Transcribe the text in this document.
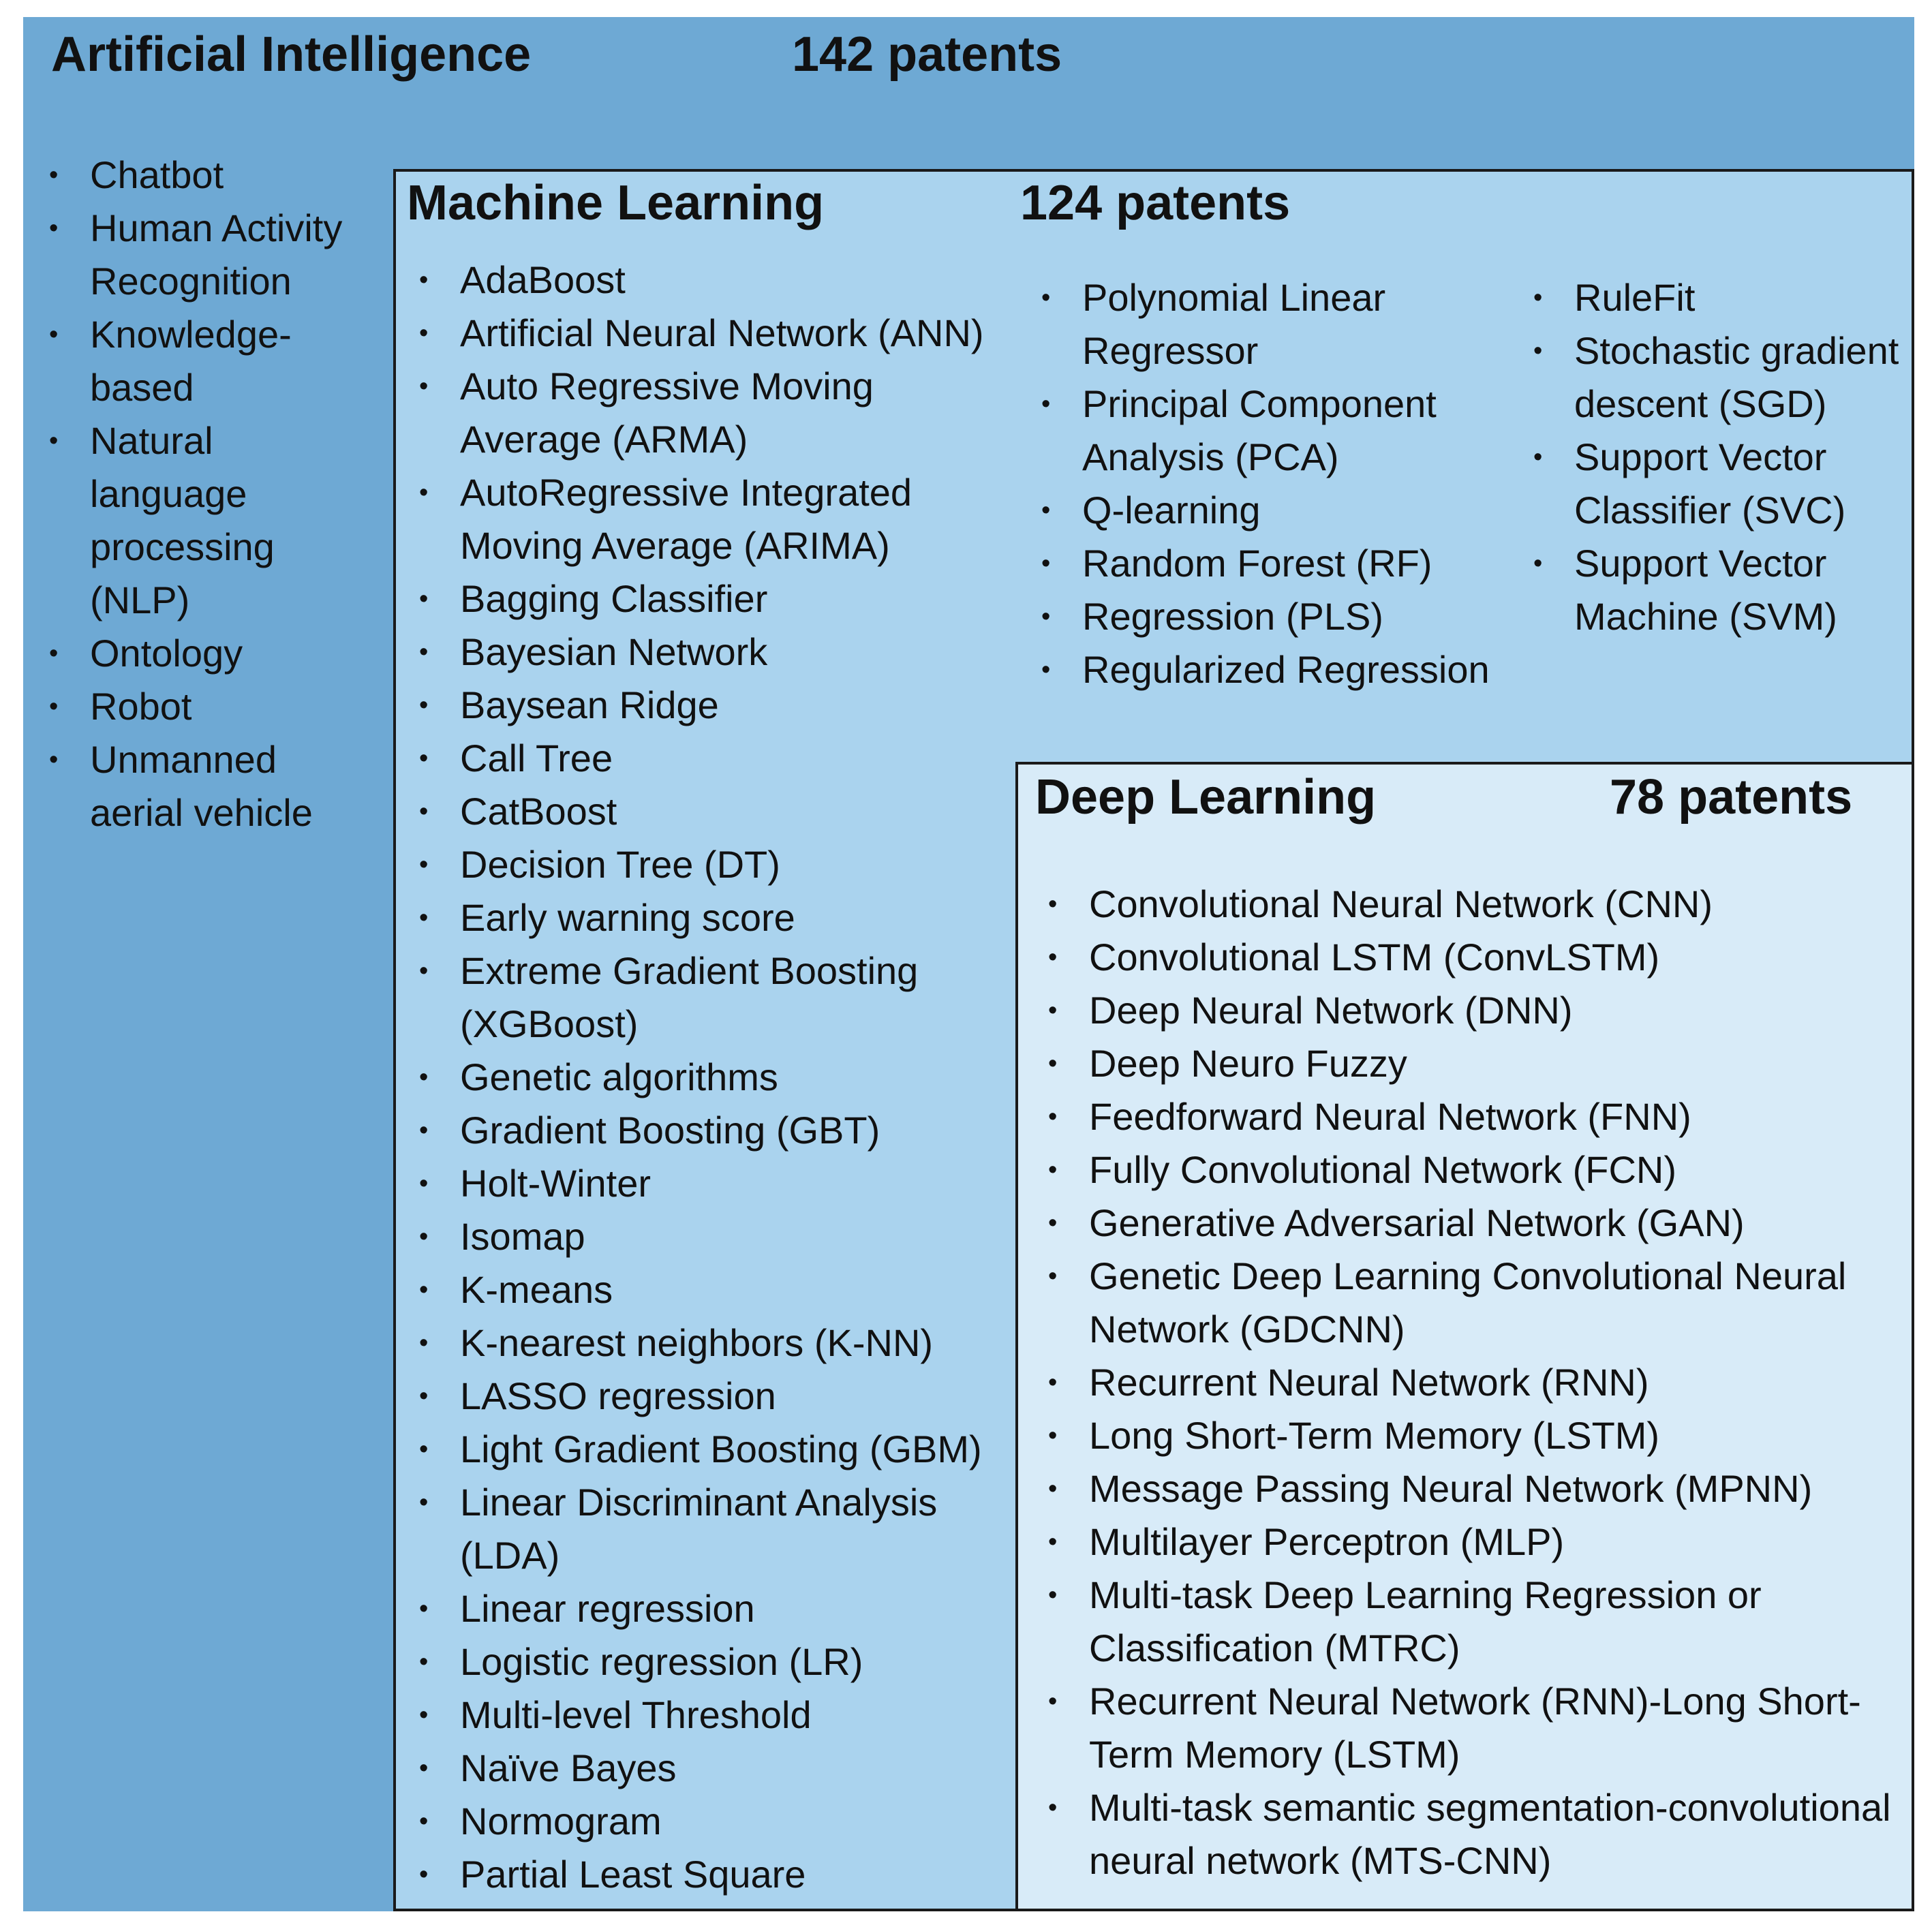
Artificial Intelligence	142 patents
• Chatbot
• Human Activity Recognition
• Knowledge-based
• Natural language processing (NLP)
• Ontology
• Robot
• Unmanned aerial vehicle
Machine Learning	124 patents
• AdaBoost
• Artificial Neural Network (ANN)
• Auto Regressive Moving Average (ARMA)
• AutoRegressive Integrated Moving Average (ARIMA)
• Bagging Classifier
• Bayesian Network
• Baysean Ridge
• Call Tree
• CatBoost
• Decision Tree (DT)
• Early warning score
• Extreme Gradient Boosting (XGBoost)
• Genetic algorithms
• Gradient Boosting (GBT)
• Holt-Winter
• Isomap
• K-means
• K-nearest neighbors (K-NN)
• LASSO regression
• Light Gradient Boosting (GBM)
• Linear Discriminant Analysis (LDA)
• Linear regression
• Logistic regression (LR)
• Multi-level Threshold
• Naïve Bayes
• Normogram
• Partial Least Square
• Polynomial Linear Regressor
• Principal Component Analysis (PCA)
• Q-learning
• Random Forest (RF)
• Regression (PLS)
• Regularized Regression
• RuleFit
• Stochastic gradient descent (SGD)
• Support Vector Classifier (SVC)
• Support Vector Machine (SVM)
Deep Learning	78 patents
• Convolutional Neural Network (CNN)
• Convolutional LSTM (ConvLSTM)
• Deep Neural Network (DNN)
• Deep Neuro Fuzzy
• Feedforward Neural Network (FNN)
• Fully Convolutional Network (FCN)
• Generative Adversarial Network (GAN)
• Genetic Deep Learning Convolutional Neural Network (GDCNN)
• Recurrent Neural Network (RNN)
• Long Short-Term Memory (LSTM)
• Message Passing Neural Network (MPNN)
• Multilayer Perceptron (MLP)
• Multi-task Deep Learning Regression or Classification (MTRC)
• Recurrent Neural Network (RNN)-Long Short-Term Memory (LSTM)
• Multi-task semantic segmentation-convolutional neural network (MTS-CNN)
